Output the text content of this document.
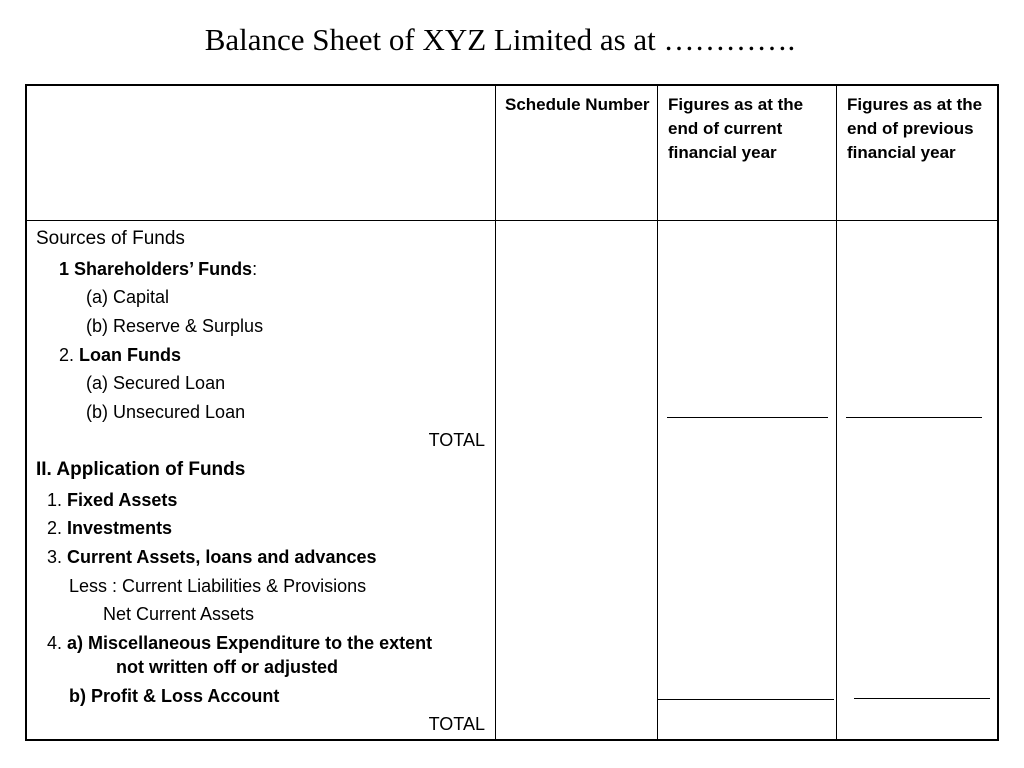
Balance Sheet of XYZ Limited as at ………….
Schedule Number Figures as at the end of current financial year
Figures as at the end of previous financial year
Sources of Funds
1 Shareholders’ Funds:
(a) Capital
(b) Reserve & Surplus
2. Loan Funds
(a) Secured Loan
(b) Unsecured Loan
TOTAL
II. Application of Funds
1. Fixed Assets
2. Investments
3. Current Assets, loans and advances
Less : Current Liabilities & Provisions
Net Current Assets
4. a) Miscellaneous Expenditure to the extent
not written off or adjusted
b) Profit & Loss Account
TOTAL
